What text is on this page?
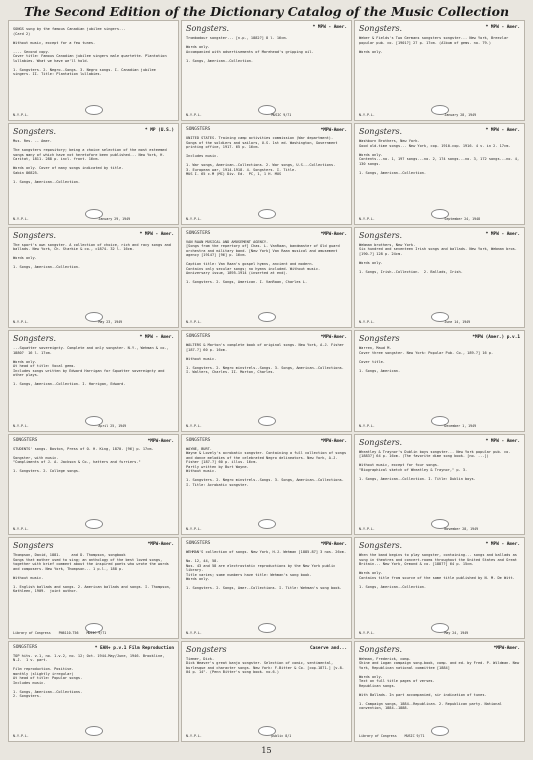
The Second Edition of the Dictionary Catalog of the Music Collection
SONGS sung by the famous Canadian jubilee singers...
(Card 2)

Without music, except for a few tunes.

---- Second copy.
Cover title: Famous Canadian jubilee singers male quartette. Plantation lullabies. What we have we'll hold.

1. Songsters. 2. Negro--Songs. 3. Negro songs. I. Canadian jubilee singers. II. Title: Plantation lullabies.
N.Y.P.L.
Songsters.	* MPW - Amer.
Trombadour songster... [n.p., 1882?] 8 l. 16cm.

Words only.
Accompanied with advertisements of Morehead's gripping oil.

1. Songs, American--Collection.
N.Y.P.L.                                   MUSIC 9/71
Songsters.	* MPW - Amer.
Weber & Fields's Two Germans songsters songster... New York, Breezlar popular pub. co. [1901?] 27 p. 17cm. (Album of gems. no. 79.)

Words only.
N.Y.P.L.                                   January 28, 1949
Songsters.	* MP (U.S.)
Mus. Res. -- Amer.

The songsters repository; being a choice selection of the most esteemed songs many of which have not heretofore been published... New York, H. Caritat, 1811. 288 p. incl. front. 16cm.

Words only. Cover of many songs indicated by title.
Sabin 86825.

1. Songs, American--Collection.
N.Y.P.L.                                   January 29, 1949
SONGSTERS	*MPW-Amer.
UNITED STATES. Training camp activities commission (War department).
Songs of the soldiers and sailors, U.S. 1st ed. Washington, Government printing office, 1917. 65 p. 16cm.

Includes music.

1. War songs, American--Collections. 2. War songs, U.S.--Collections.
3. European war, 1914-1918. 4. Songsters. I. Title.
MUS I. 65 c.M (MC) Div. Ed.  PC, 1, 1 H. MUS
N.Y.P.L.
Songsters.	* MPW - Amer.
Washburn Brothers, New York.
Good old-time songs... New York, cop. 1910-cop. 1916. 4 v. in 2. 17cm.

Words only.
Contents.--no. 1, 197 songs.--no. 2, 174 songs.--no. 3, 172 songs.--no. 4, 130 songs.

1. Songs, American--Collection.
N.Y.P.L.                                   September 24, 1948
Songsters.	* MPW - Amer.
The sport's own songster. A collection of choice, rich and racy songs and ballads. New York, Ch. Starkie & co., c1874. 32 l. 16cm.

Words only.

1. Songs, American--Collection.
N.Y.P.L.                                   May 23, 1949
SONGSTERS	*MPW-Amer.
VAN RAAN MUSICAL AND AMUSEMENT AGENCY.
[Songs from the repertory of] Chas. L. VanRaan, bandmaster of Old guard orchestra and military band. [New York] Van Raan musical and amusement agency [1914?] [96] p. 16cm.

Caption title: Van Raan's gospel hymns, ancient and modern.
Contains only secular songs; no hymns included. Without music.
Anniversary issue, 1895-1914 (inserted at end).

1. Songsters. 2. Songs, American. I. VanRaan, Charles L.
N.Y.P.L.
Songsters.	* MPW - Amer.
Webman brothers, New York.
Six hundred and seventeen Irish songs and ballads. New York, Webman bros. [190-?] 128 p. 24cm.

Words only.

1. Songs, Irish--Collection.  2. Ballads, Irish.
N.Y.P.L.                                   June 14, 1949
Songsters.	* MPW - Amer.
...Squatter sovereignty. Complete and only songster. N.Y., Wehman & co., 1880?  16 l. 17cm.

Words only.
At head of title: Vocal gems.
Includes songs written by Edward Harrigan for Squatter sovereignty and other plays.

1. Songs, American--Collection. I. Harrigan, Edward.
N.Y.P.L.                                   April 25, 1949
SONGSTERS	*MPW-Amer.
WALTERS & Morton's complete book of original songs. New York, A.J. Fisher [187-?] 60 p. 16cm.

Without music.

1. Songsters. 2. Negro minstrels--Songs. 3. Songs, American--Collections. I. Walters, Charles. II. Morton, Charles.
N.Y.P.L.
Songsters	*MPW (Amer.) p.v.1
Warren, Maud M.
Cover three songster. New York: Popular Pub. Co., 189-?] 16 p.

Cover title.

1. Songs, American.
N.Y.P.L.                                   December 1, 1949
SONGSTERS	*MPW-Amer.
STUDENTS' songs. Boston, Press of O. H. King, 1870. [96] p. 17cm.

Songster, with music.
"Compliments of J. A. Jackson & Co., hatters and furriers."

1. Songsters. 2. College songs.
N.Y.P.L.
SONGSTERS	*MPW-Amer.
WAYNE, BURT.
Wayne & Lovely's acrobatic songster. Containing a full collection of songs and dance melodies of the celebrated Negro delineators. New York, A.J. Fisher [187-?] 60 p. illus. 16cm.
Partly written by Burt Wayne.
Without music.

1. Songsters. 2. Negro minstrels--Songs. 3. Songs, American--Collections. I. Title: Acrobatic songster.
N.Y.P.L.
Songsters.	* MPW - Amer.
Wheatley & Traynor's Dublin boys songster... New York popular pub. co. [1883?] 64 p. 16cm. (The favorite dime song book. [no. ...])

Without music, except for four songs.
"Biographical sketch of Wheatley & Traynor," p. 3.

1. Songs, American--Collection. I. Title: Dublin boys.
N.Y.P.L.                                   November 28, 1949
Songsters	*MPW-Amer.
Thompson, David, 1881-     and D. Thompson, songbook
Songs that mother used to sing; an anthology of the best loved songs, together with brief comment about the inspired poets who wrote the words and composers. New York, Thompson... 1 p.l., 188 p.

Without music.

1. English ballads and songs. 2. American ballads and songs. I. Thompson, Kathleen, 1909-  joint author.
Library of Congress    PN6110.T56    MUSIC 9/71
SONGSTERS	*MPW-Amer.
WEHMAN'S collection of songs. New York, H.J. Wehman [1885-87] 3 nos. 26cm.

No. 12, 44, 58.
Nos. 43 and 58 are electrostatic reproductions by the New York public library.
Title varies; some numbers have title: Wehman's song book.
Words only.

1. Songsters. 2. Songs, Amer--Collections. I. Title: Wehman's song book.
N.Y.P.L.
Songsters.	* MPW - Amer.
When the band begins to play songster, containing... songs and ballads as sung in theatres and concert-rooms throughout the United States and Great Britain... New York, Ormond & co. [1887?] 64 p. 15cm.

Words only.
Contains title from source of the same title published by N. M. De Witt.

1. Songs, American--Collection.
N.Y.P.L.                                   May 24, 1949
SONGSTERS	* EAN+ p.v.1 Film Reproduction
TOP hits. v.1, no. 1-v.2, no. 12; Oct. 1944-May/June, 1946. Brookline, N.J.  1 v. part.

Film reproduction. Positive.
monthly (slightly irregular)
At head of title: Popular songs.
Includes music.

1. Songs, American--Collections.
2. Songsters.
N.Y.P.L.
Songsters	Caserve and...
Tiemer, Dick.
Dick Weaver's great banjo songster. Selection of comic, sentimental, burlesque and character songs. New York: F.Bitter & Co. [cop.1871.] [v.8-04 p. 14". (Penn Bitter's song book. no.6.)
N.Y.P.L.                                   public 8/1
Songsters.	*MPW-Amer.
Wehman, Frederick, comp.
Shine and Logan campaign song-book, comp. and ed. by Fred. P. Wildman. New York, Republican national committee [1884]

Words only.
Text on full title pages of verses.
Republican songs.

With Ballads. In part accompanied, sir indication of tunes.

1. Campaign songs, 1884--Republican. 2. Republican party. National convention, 1884--1888.
Library of Congress    MUSIC 9/71
15
